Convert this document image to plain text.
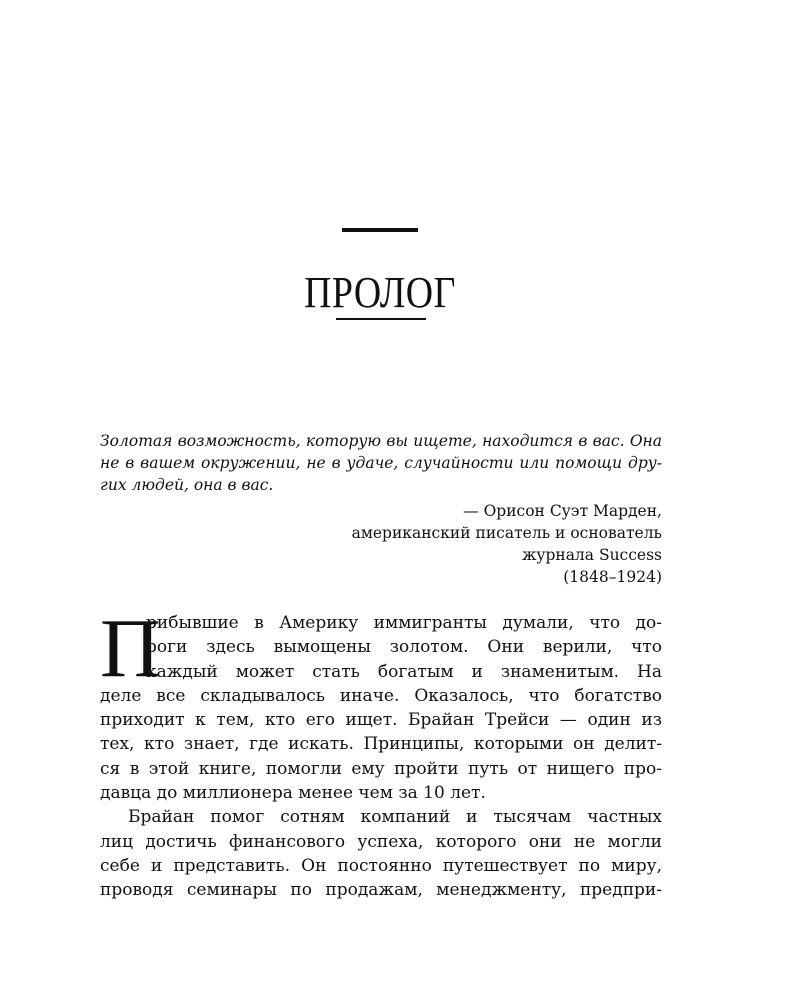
ПРОЛОГ

Золотая возможность, которую вы ищете, находится в вас. Она
не в вашем окружении, не в удаче, случайности или помощи дру-
гих людей, она в вас.

— Орисон Суэт Марден,
американский писатель и основатель
журнала Success
(1848–1924)
П
рибывшие в Америку иммигранты думали, что до-
роги здесь вымощены золотом. Они верили, что
каждый может стать богатым и знаменитым. На
деле все складывалось иначе. Оказалось, что богатство
приходит к тем, кто его ищет. Брайан Трейси — один из
тех, кто знает, где искать. Принципы, которыми он делит-
ся в этой книге, помогли ему пройти путь от нищего про-
давца до миллионера менее чем за 10 лет.
Брайан помог сотням компаний и тысячам частных
лиц достичь финансового успеха, которого они не могли
себе и представить. Он постоянно путешествует по миру,
проводя семинары по продажам, менеджменту, предпри-
